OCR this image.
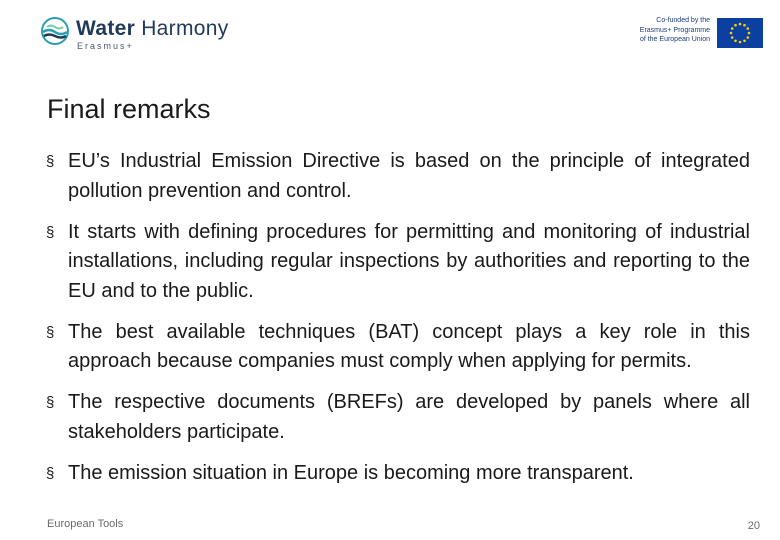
Water Harmony
Erasmus+
Co-funded by the
Erasmus+ Programme
of the European Union
Final remarks
§ EU’s Industrial Emission Directive is based on the principle of integrated pollution prevention and control.
§ It starts with defining procedures for permitting and monitoring of industrial installations, including regular inspections by authorities and reporting to the EU and to the public.
§ The best available techniques (BAT) concept plays a key role in this approach because companies must comply when applying for permits.
§ The respective documents (BREFs) are developed by panels where all stakeholders participate.
§ The emission situation in Europe is becoming more transparent.
European Tools	20
